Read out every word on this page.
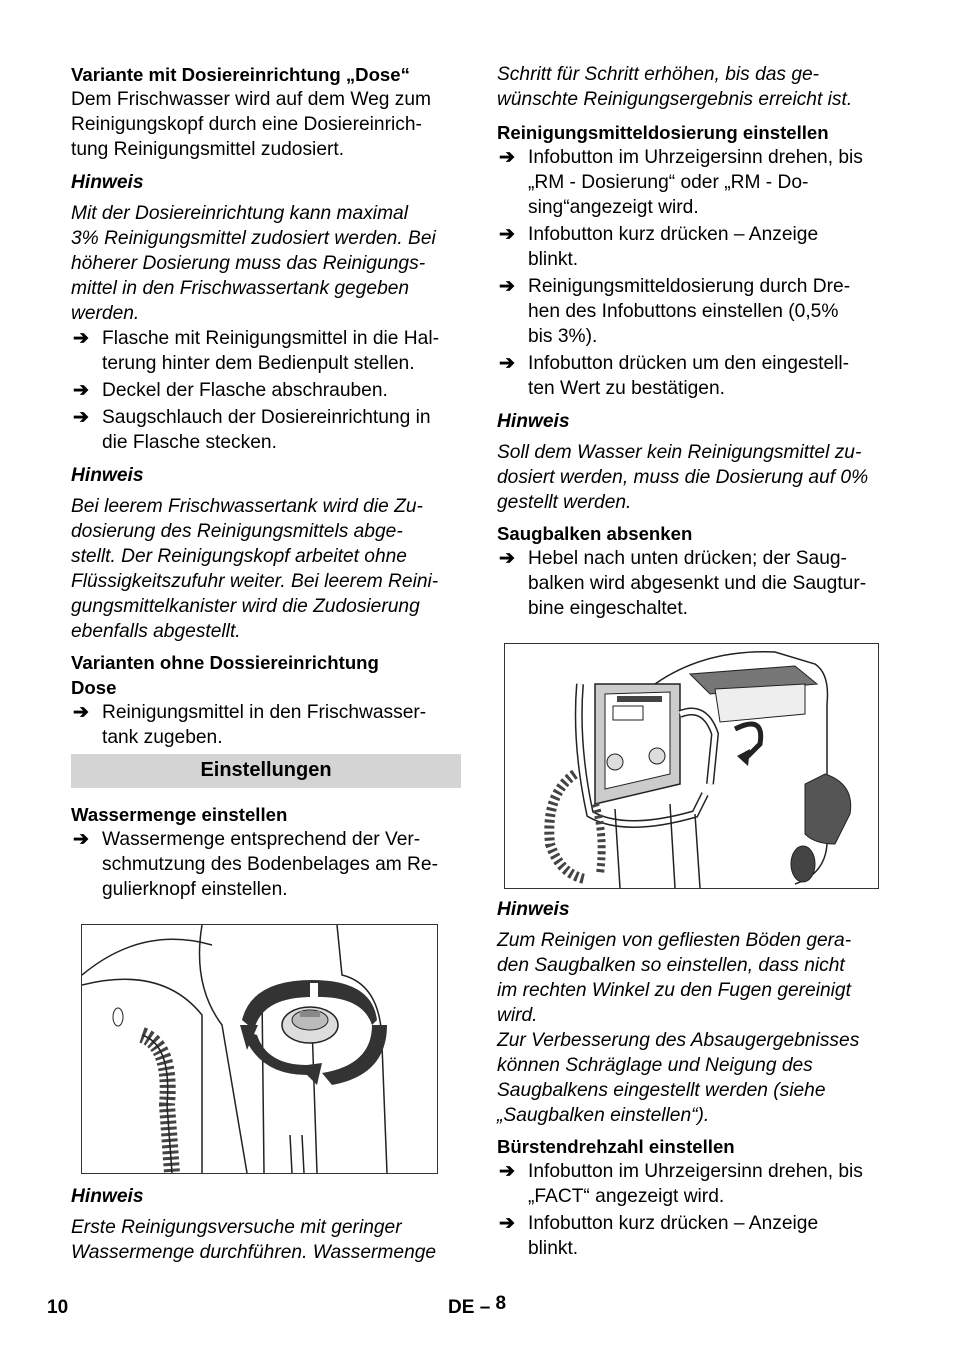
Variante mit Dosiereinrichtung „Dose“

Dem Frischwasser wird auf dem Weg zum
Reinigungskopf durch eine Dosiereinrich-
tung Reinigungsmittel zudosiert.

Hinweis

Mit der Dosiereinrichtung kann maximal
3% Reinigungsmittel zudosiert werden. Bei
höherer Dosierung muss das Reinigungs-
mittel in den Frischwassertank gegeben
werden.
➔ Flasche mit Reinigungsmittel in die Hal-
terung hinter dem Bedienpult stellen.
➔ Deckel der Flasche abschrauben.
➔ Saugschlauch der Dosiereinrichtung in
die Flasche stecken.

Hinweis

Bei leerem Frischwassertank wird die Zu-
dosierung des Reinigungsmittels abge-
stellt. Der Reinigungskopf arbeitet ohne
Flüssigkeitszufuhr weiter. Bei leerem Reini-
gungsmittelkanister wird die Zudosierung
ebenfalls abgestellt.

Varianten ohne Dossiereinrichtung

Dose

➔ Reinigungsmittel in den Frischwasser-
tank zugeben.
Einstellungen

Wassermenge einstellen

➔ Wassermenge entsprechend der Ver-
schmutzung des Bodenbelages am Re-
gulierknopf einstellen.

Hinweis

Erste Reinigungsversuche mit geringer
Wassermenge durchführen. Wassermenge
Schritt für Schritt erhöhen, bis das ge-
wünschte Reinigungsergebnis erreicht ist.

Reinigungsmitteldosierung einstellen

➔ Infobutton im Uhrzeigersinn drehen, bis
„RM - Dosierung“ oder „RM - Do-
sing“angezeigt wird.
➔ Infobutton kurz drücken – Anzeige
blinkt.
➔ Reinigungsmitteldosierung durch Dre-
hen des Infobuttons einstellen (0,5%
bis 3%).
➔ Infobutton drücken um den eingestell-
ten Wert zu bestätigen.

Hinweis

Soll dem Wasser kein Reinigungsmittel zu-
dosiert werden, muss die Dosierung auf 0%
gestellt werden.

Saugbalken absenken

➔ Hebel nach unten drücken; der Saug-
balken wird abgesenkt und die Saugtur-
bine eingeschaltet.

Hinweis

Zum Reinigen von gefliesten Böden gera-
den Saugbalken so einstellen, dass nicht
im rechten Winkel zu den Fugen gereinigt
wird.
Zur Verbesserung des Absaugergebnisses
können Schräglage und Neigung des
Saugbalkens eingestellt werden (siehe
„Saugbalken einstellen“).

Bürstendrehzahl einstellen

➔ Infobutton im Uhrzeigersinn drehen, bis
„FACT“ angezeigt wird.
➔ Infobutton kurz drücken – Anzeige
blinkt.
10	DE – 8
